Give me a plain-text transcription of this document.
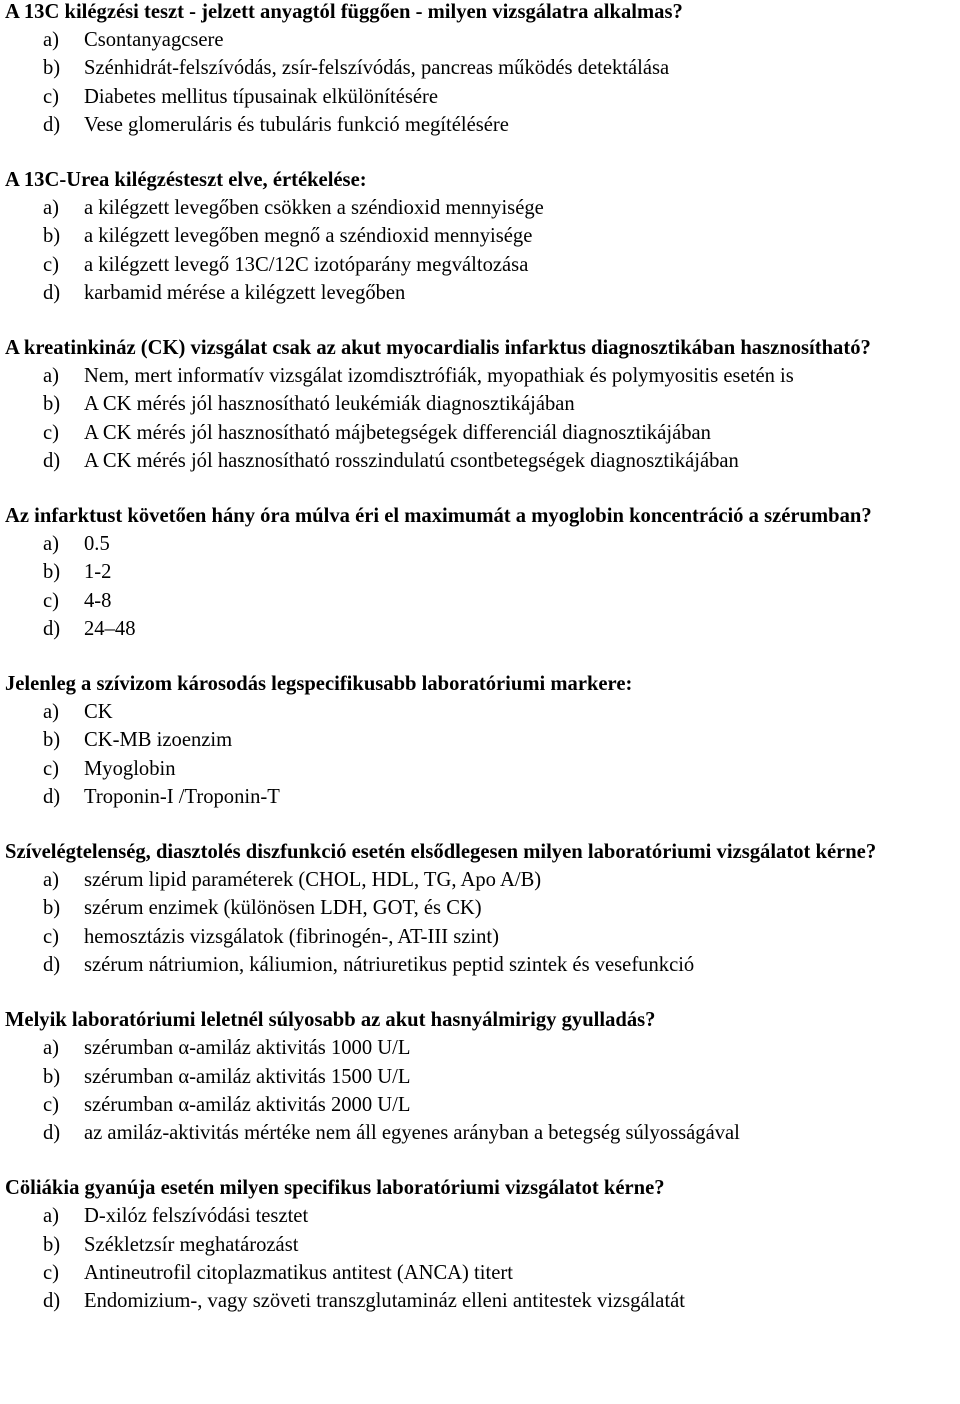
A 13C kilégzési teszt - jelzett anyagtól függően - milyen vizsgálatra alkalmas?

a)	Csontanyagcsere
b)	Szénhidrát-felszívódás, zsír-felszívódás, pancreas működés detektálása
c)	Diabetes mellitus típusainak elkülönítésére
d)	Vese glomeruláris és tubuláris funkció megítélésére

A 13C-Urea kilégzésteszt elve, értékelése:

a)	a kilégzett levegőben csökken a széndioxid mennyisége
b)	a kilégzett levegőben megnő a széndioxid mennyisége
c)	a kilégzett levegő 13C/12C izotóparány megváltozása
d)	karbamid mérése a kilégzett levegőben

A kreatinkináz (CK) vizsgálat csak az akut myocardialis infarktus diagnosztikában hasznosítható?

a)	Nem, mert informatív vizsgálat izomdisztrófiák, myopathiak és polymyositis esetén is
b)	A CK mérés jól hasznosítható leukémiák diagnosztikájában
c)	A CK mérés jól hasznosítható májbetegségek differenciál diagnosztikájában
d)	A CK mérés jól hasznosítható rosszindulatú csontbetegségek diagnosztikájában

Az infarktust követően hány óra múlva éri el maximumát a myoglobin koncentráció a szérumban?

a)	0.5
b)	1-2
c)	4-8
d)	24–48

Jelenleg a szívizom károsodás legspecifikusabb laboratóriumi markere:

a)	CK
b)	CK-MB izoenzim
c)	Myoglobin
d)	Troponin-I /Troponin-T

Szívelégtelenség, diasztolés diszfunkció esetén elsődlegesen milyen laboratóriumi vizsgálatot kérne?

a)	szérum lipid paraméterek (CHOL, HDL, TG, Apo A/B)
b)	szérum enzimek (különösen LDH, GOT, és CK)
c)	hemosztázis vizsgálatok (fibrinogén-, AT-III szint)
d)	szérum nátriumion, káliumion, nátriuretikus peptid szintek és vesefunkció

Melyik laboratóriumi leletnél súlyosabb az akut hasnyálmirigy gyulladás?

a)	szérumban α-amiláz aktivitás 1000 U/L
b)	szérumban α-amiláz aktivitás 1500 U/L
c)	szérumban α-amiláz aktivitás 2000 U/L
d)	az amiláz-aktivitás mértéke nem áll egyenes arányban a betegség súlyosságával

Cöliákia gyanúja esetén milyen specifikus laboratóriumi vizsgálatot kérne?

a)	D-xilóz felszívódási tesztet
b)	Székletzsír meghatározást
c)	Antineutrofil citoplazmatikus antitest (ANCA) titert
d)	Endomizium-, vagy szöveti transzglutamináz elleni antitestek vizsgálatát
